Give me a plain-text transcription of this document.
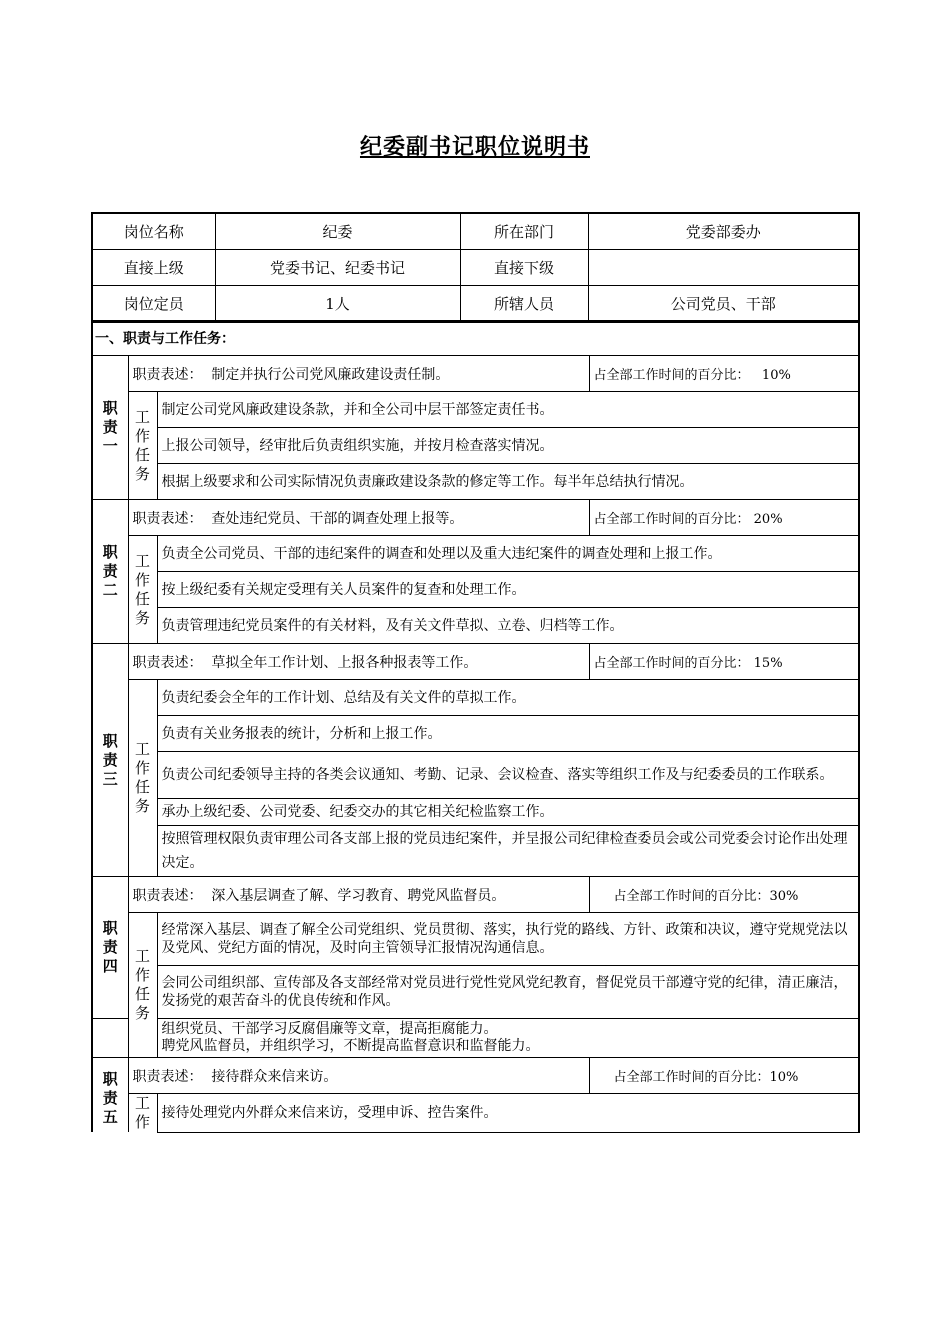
纪委副书记职位说明书
岗位名称	纪委	所在部门	党委部委办
直接上级	党委书记、纪委书记	直接下级	
岗位定员	1人	所辖人员	公司党员、干部
一、职责与工作任务：			

职
责
一	职责表述： 制定并执行公司党风廉政建设责任制。		占全部工作时间的百分比： 10%

	工
作
任
务	制定公司党风廉政建设条款，并和全公司中层干部签定责任书。	
		上报公司领导，经审批后负责组织实施，并按月检查落实情况。	
		根据上级要求和公司实际情况负责廉政建设条款的修定等工作。每半年总结执行情况。	

职
责
二	职责表述： 查处违纪党员、干部的调查处理上报等。		占全部工作时间的百分比： 20%

	工
作
任
务	负责全公司党员、干部的违纪案件的调查和处理以及重大违纪案件的调查处理和上报工作。	
		按上级纪委有关规定受理有关人员案件的复查和处理工作。	
		负责管理违纪党员案件的有关材料，及有关文件草拟、立卷、归档等工作。	

职
责
三	职责表述： 草拟全年工作计划、上报各种报表等工作。		占全部工作时间的百分比： 15%

	工
作
任
务	负责纪委会全年的工作计划、总结及有关文件的草拟工作。	
		负责有关业务报表的统计，分析和上报工作。	
		负责公司纪委领导主持的各类会议通知、考勤、记录、会议检查、落实等组织工作及与纪委委员的工作联系。	
		承办上级纪委、公司党委、纪委交办的其它相关纪检监察工作。	
		按照管理权限负责审理公司各支部上报的党员违纪案件，并呈报公司纪律检查委员会或公司党委会讨论作出处理决定。	

职
责
四	职责表述： 深入基层调查了解、学习教育、聘党风监督员。		占全部工作时间的百分比：30%

	工
作
任
务	经常深入基层、调查了解全公司党组织、党员贯彻、落实，执行党的路线、方针、政策和决议，遵守党规党法以及党风、党纪方面的情况，及时向主管领导汇报情况沟通信息。	
		会同公司组织部、宣传部及各支部经常对党员进行党性党风党纪教育，督促党员干部遵守党的纪律，清正廉洁，发扬党的艰苦奋斗的优良传统和作风。	
		组织党员、干部学习反腐倡廉等文章，提高拒腐能力。
聘党风监督员，并组织学习，不断提高监督意识和监督能力。	

职
责
五	职责表述： 接待群众来信来访。		占全部工作时间的百分比：10%

	工
作	接待处理党内外群众来信来访，受理申诉、控告案件。	
